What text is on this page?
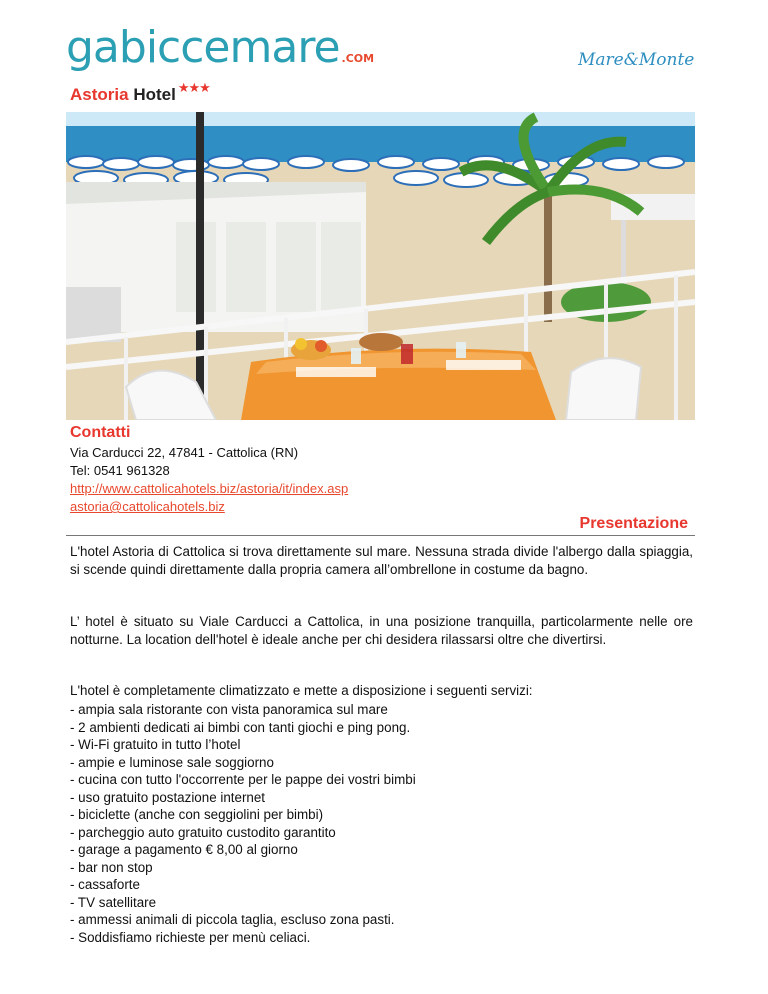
gabiccemare .COM	Mare&Monte
Astoria Hotel ★★★
Contatti
Via Carducci 22, 47841 - Cattolica (RN)
Tel: 0541 961328
http://www.cattolicahotels.biz/astoria/it/index.asp
astoria@cattolicahotels.biz
Presentazione
L'hotel Astoria di Cattolica si trova direttamente sul mare. Nessuna strada divide l'albergo dalla spiaggia, si scende quindi direttamente dalla propria camera all’ombrellone in costume da bagno.
L’ hotel è situato su Viale Carducci a Cattolica, in una posizione tranquilla, particolarmente nelle ore notturne. La location dell'hotel è ideale anche per chi desidera rilassarsi oltre che divertirsi.
L'hotel è completamente climatizzato e mette a disposizione i seguenti servizi:
- ampia sala ristorante con vista panoramica sul mare
- 2 ambienti dedicati ai bimbi con tanti giochi e ping pong.
- Wi-Fi gratuito in tutto l’hotel
- ampie e luminose sale soggiorno
- cucina con tutto l'occorrente per le pappe dei vostri bimbi
- uso gratuito postazione internet
- biciclette (anche con seggiolini per bimbi)
- parcheggio auto gratuito custodito garantito
- garage a pagamento € 8,00 al giorno
- bar non stop
- cassaforte
- TV satellitare
- ammessi animali di piccola taglia, escluso zona pasti.
- Soddisfiamo richieste per menù celiaci.
